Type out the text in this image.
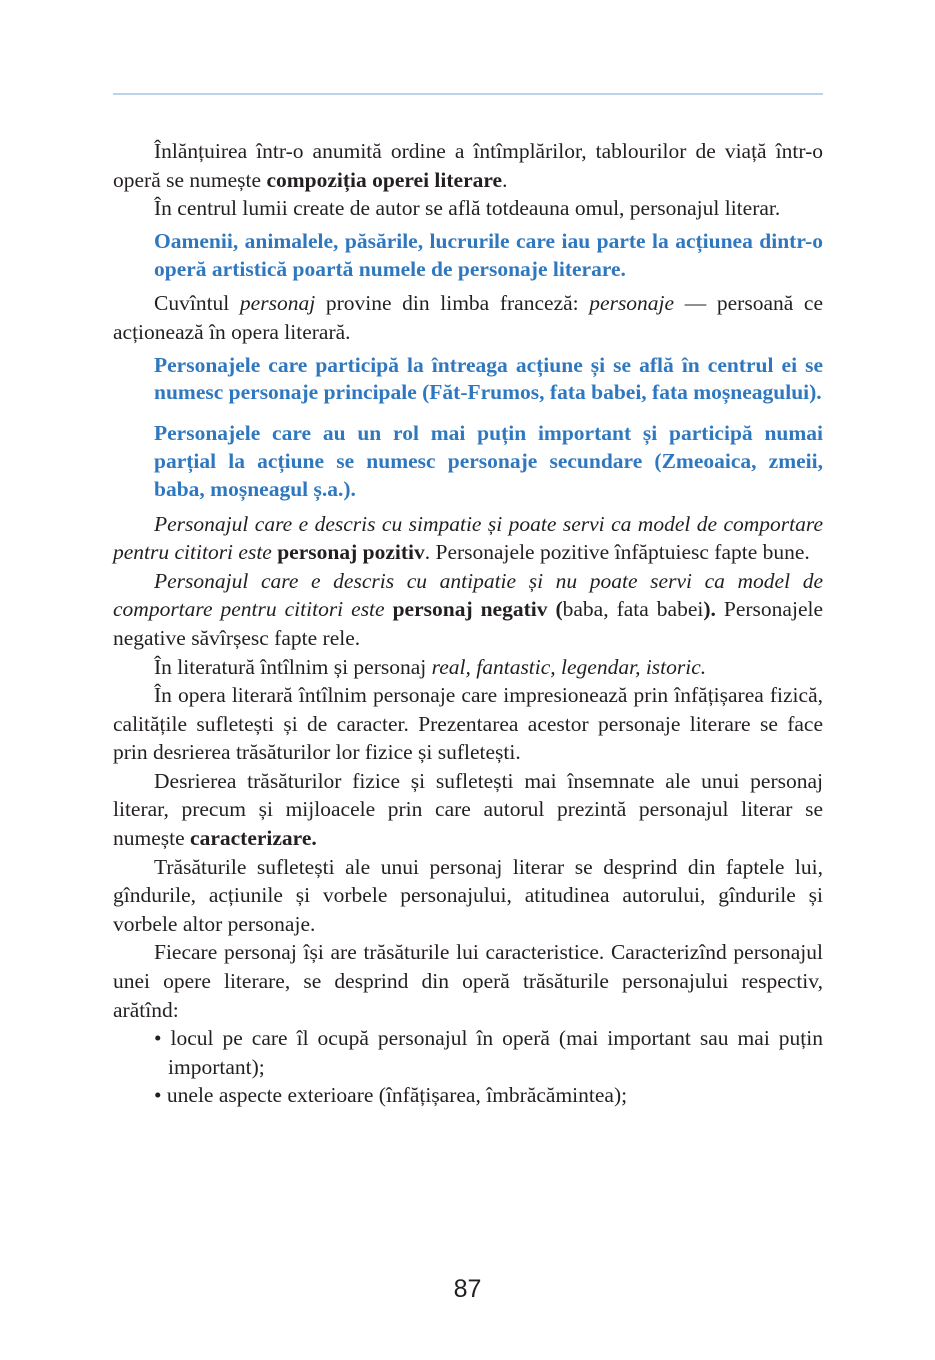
Înlănțuirea într-o anumită ordine a întîmplărilor, tablourilor de viață într-o operă se numește compoziția operei literare.

În centrul lumii create de autor se află totdeauna omul, personajul literar.

Oamenii, animalele, păsările, lucrurile care iau parte la acțiunea dintr-o operă artistică poartă numele de personaje literare.

Cuvîntul personaj provine din limba franceză: personaje — persoană ce acționează în opera literară.

Personajele care participă la întreaga acțiune și se află în centrul ei se numesc personaje principale (Făt-Frumos, fata babei, fata moșneagului).

Personajele care au un rol mai puțin important și participă numai parțial la acțiune se numesc personaje secundare (Zmeoaica, zmeii, baba, moșneagul ș.a.).

Personajul care e descris cu simpatie și poate servi ca model de comportare pentru cititori este personaj pozitiv. Personajele pozitive înfăptuiesc fapte bune.

Personajul care e descris cu antipatie și nu poate servi ca model de comportare pentru cititori este personaj negativ (baba, fata babei). Personajele negative săvîrșesc fapte rele.

În literatură întîlnim și personaj real, fantastic, legendar, istoric.

În opera literară întîlnim personaje care impresionează prin înfățișarea fizică, calitățile sufletești și de caracter. Prezentarea acestor personaje literare se face prin desrierea trăsăturilor lor fizice și sufletești.

Desrierea trăsăturilor fizice și sufletești mai însemnate ale unui personaj literar, precum și mijloacele prin care autorul prezintă personajul literar se numește caracterizare.

Trăsăturile sufletești ale unui personaj literar se desprind din faptele lui, gîndurile, acțiunile și vorbele personajului, atitudinea autorului, gîndurile și vorbele altor personaje.

Fiecare personaj își are trăsăturile lui caracteristice. Caracterizînd personajul unei opere literare, se desprind din operă trăsăturile personajului respectiv, arătînd:

• locul pe care îl ocupă personajul în operă (mai important sau mai puțin important);

• unele aspecte exterioare (înfățișarea, îmbrăcămintea);

87
